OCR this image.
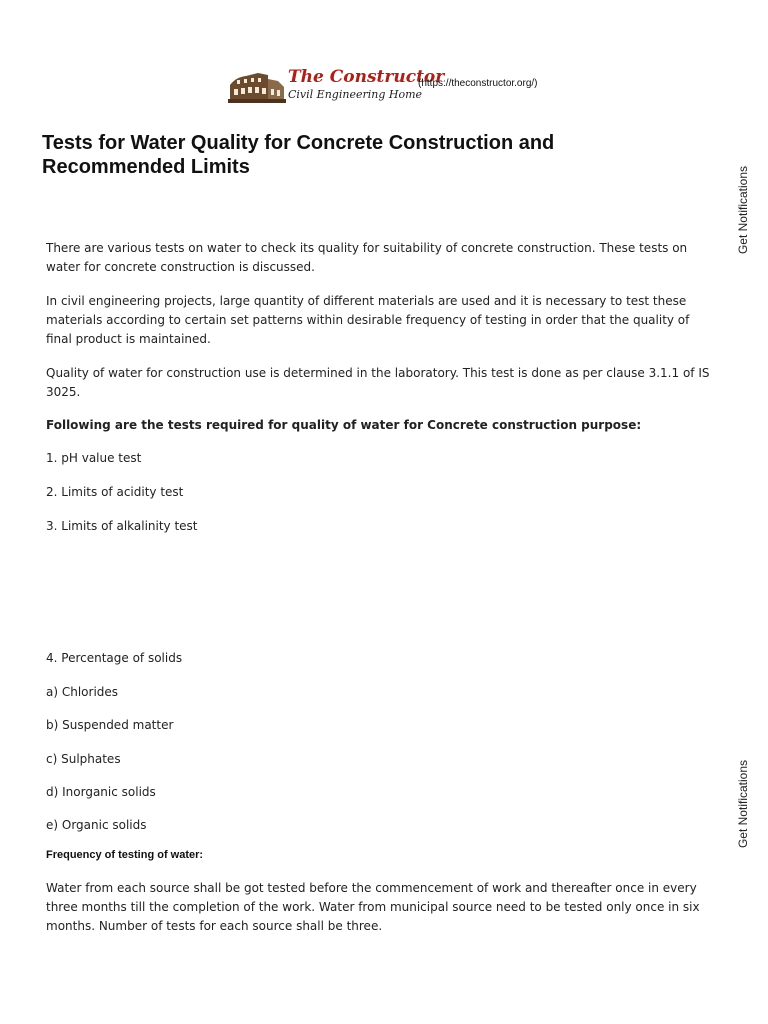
The Constructor
Civil Engineering Home
(https://theconstructor.org/)
Tests for Water Quality for Concrete Construction and Recommended Limits	Get Notifications
Get Notifications

There are various tests on water to check its quality for suitability of concrete construction. These tests on water for concrete construction is discussed.

In civil engineering projects, large quantity of different materials are used and it is necessary to test these materials according to certain set patterns within desirable frequency of testing in order that the quality of final product is maintained.

Quality of water for construction use is determined in the laboratory. This test is done as per clause 3.1.1 of IS 3025.

Following are the tests required for quality of water for Concrete construction purpose:

1. pH value test

2. Limits of acidity test

3. Limits of alkalinity test

4. Percentage of solids

a) Chlorides

b) Suspended matter

c) Sulphates

d) Inorganic solids

e) Organic solids

Frequency of testing of water:

Water from each source shall be got tested before the commencement of work and thereafter once in every three months till the completion of the work. Water from municipal source need to be tested only once in six months. Number of tests for each source shall be three.
